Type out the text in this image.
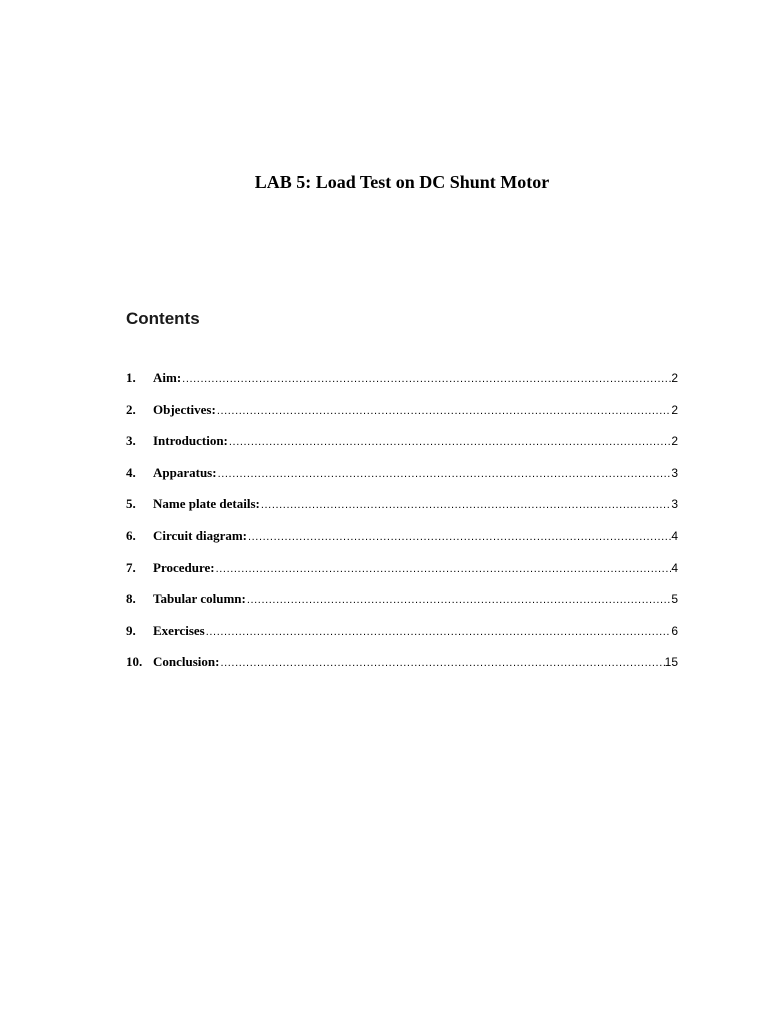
LAB 5: Load Test on DC Shunt Motor
Contents
1.	Aim: .....	2
2.	Objectives: .....	2
3.	Introduction: .....	2
4.	Apparatus: .....	3
5.	Name plate details: .....	3
6.	Circuit diagram: .....	4
7.	Procedure: .....	4
8.	Tabular column: .....	5
9.	Exercises .....	6
10. Conclusion: .....	15
